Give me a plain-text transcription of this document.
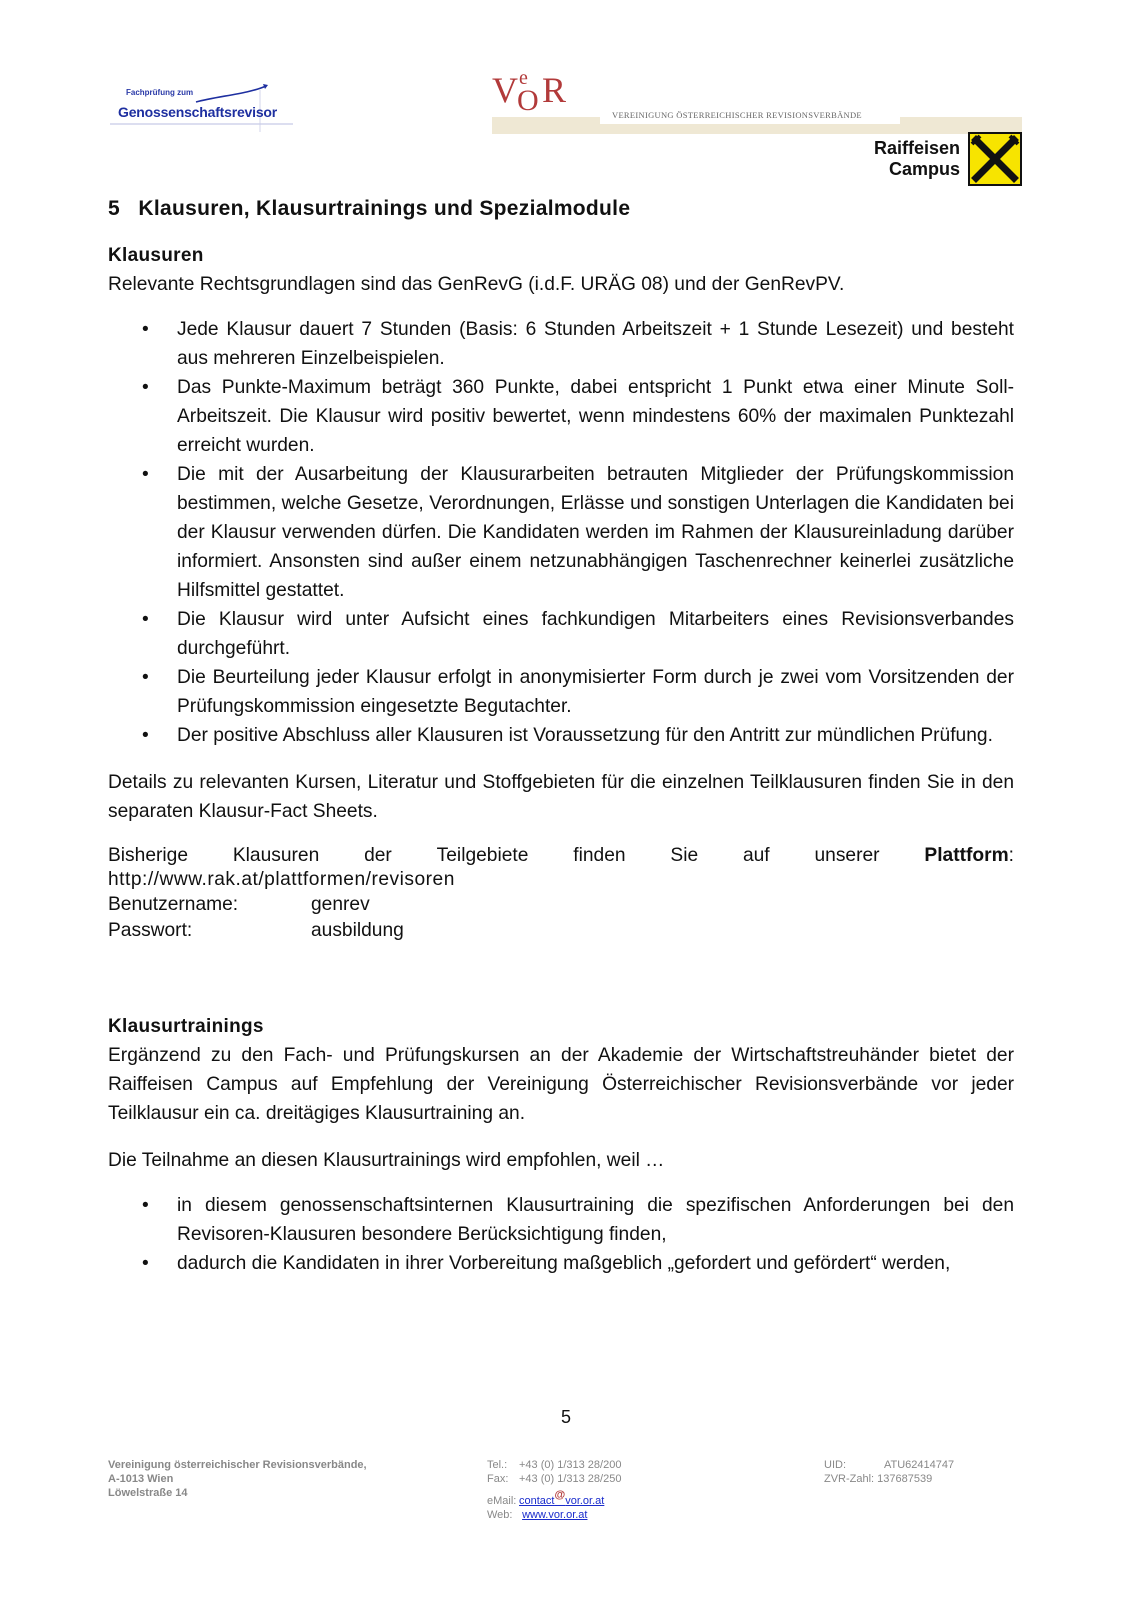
Fachprüfung zum
Genossenschaftsrevisor
V e
O R
VEREINIGUNG ÖSTERREICHISCHER REVISIONSVERBÄNDE
Raiffeisen
Campus
5 Klausuren, Klausurtrainings und Spezialmodule
Klausuren

Relevante Rechtsgrundlagen sind das GenRevG (i.d.F. URÄG 08) und der GenRevPV.

• Jede Klausur dauert 7 Stunden (Basis: 6 Stunden Arbeitszeit + 1 Stunde Lesezeit) und besteht aus mehreren Einzelbeispielen.
• Das Punkte-Maximum beträgt 360 Punkte, dabei entspricht 1 Punkt etwa einer Minute Soll-Arbeitszeit. Die Klausur wird positiv bewertet, wenn mindestens 60% der maximalen Punktezahl erreicht wurden.
• Die mit der Ausarbeitung der Klausurarbeiten betrauten Mitglieder der Prüfungskommission bestimmen, welche Gesetze, Verordnungen, Erlässe und sonstigen Unterlagen die Kandidaten bei der Klausur verwenden dürfen. Die Kandidaten werden im Rahmen der Klausureinladung darüber informiert. Ansonsten sind außer einem netzunabhängigen Taschenrechner keinerlei zusätzliche Hilfsmittel gestattet.
• Die Klausur wird unter Aufsicht eines fachkundigen Mitarbeiters eines Revisionsverbandes durchgeführt.
• Die Beurteilung jeder Klausur erfolgt in anonymisierter Form durch je zwei vom Vorsitzenden der Prüfungskommission eingesetzte Begutachter.
• Der positive Abschluss aller Klausuren ist Voraussetzung für den Antritt zur mündlichen Prüfung.

Details zu relevanten Kursen, Literatur und Stoffgebieten für die einzelnen Teilklausuren finden Sie in den separaten Klausur-Fact Sheets.

Bisherige Klausuren der Teilgebiete finden Sie auf unserer Plattform:
http://www.rak.at/plattformen/revisoren
Benutzername:	genrev
Passwort:	ausbildung
Klausurtrainings

Ergänzend zu den Fach- und Prüfungskursen an der Akademie der Wirtschaftstreuhänder bietet der Raiffeisen Campus auf Empfehlung der Vereinigung Österreichischer Revisionsverbände vor jeder Teilklausur ein ca. dreitägiges Klausurtraining an.

Die Teilnahme an diesen Klausurtrainings wird empfohlen, weil …

• in diesem genossenschaftsinternen Klausurtraining die spezifischen Anforderungen bei den Revisoren-Klausuren besondere Berücksichtigung finden,
• dadurch die Kandidaten in ihrer Vorbereitung maßgeblich „gefordert und gefördert“ werden,
5
Vereinigung österreichischer Revisionsverbände,
A-1013 Wien
Löwelstraße 14
Tel.: +43 (0) 1/313 28/200
Fax: +43 (0) 1/313 28/250
eMail: contact@vor.or.at
Web: www.vor.or.at
UID:	ATU62414747
ZVR-Zahl: 137687539
